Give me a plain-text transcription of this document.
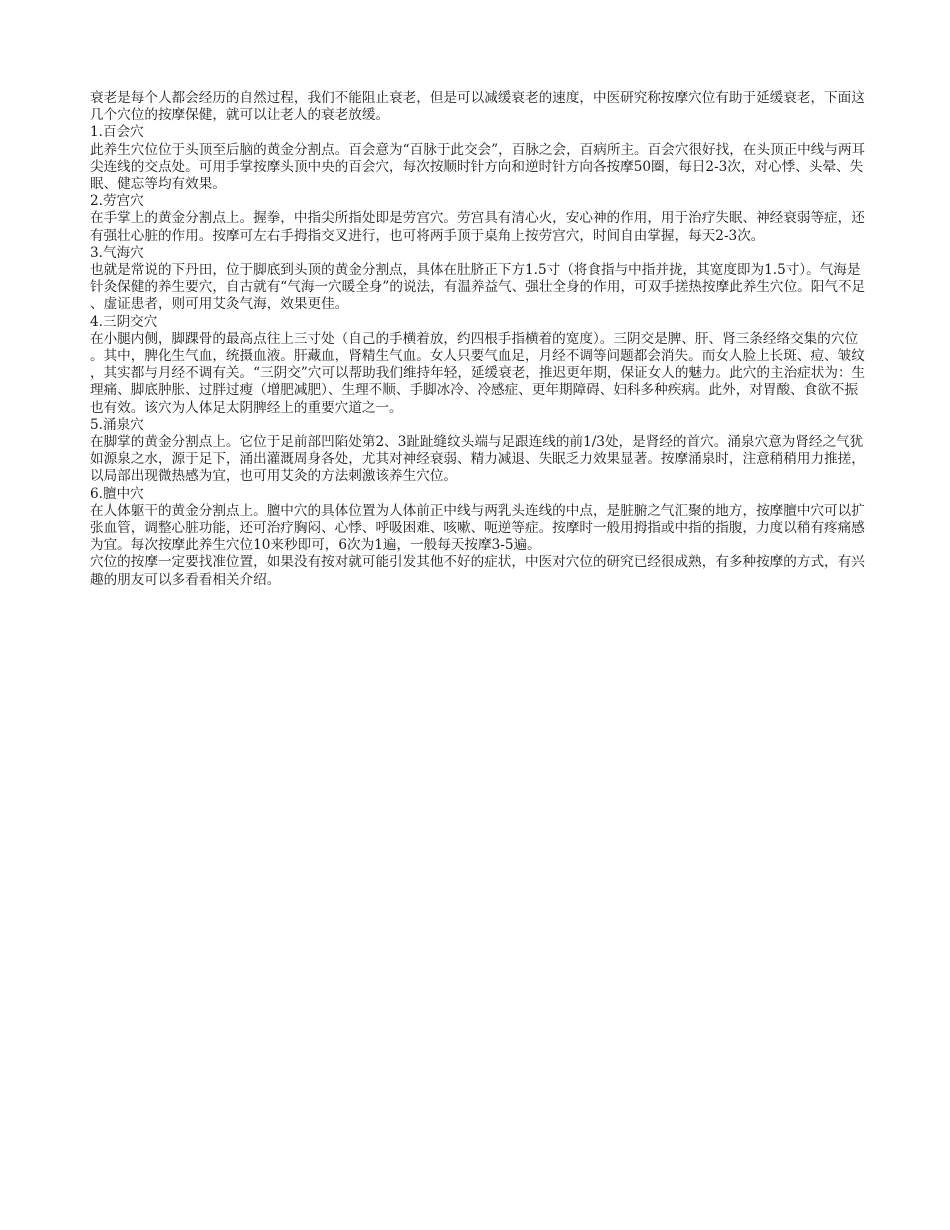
衰老是每个人都会经历的自然过程，我们不能阻止衰老，但是可以减缓衰老的速度，中医研究称按摩穴位有助于延缓衰老，下面这几个穴位的按摩保健，就可以让老人的衰老放缓。

1.百会穴

此养生穴位位于头顶至后脑的黄金分割点。百会意为“百脉于此交会”，百脉之会，百病所主。百会穴很好找，在头顶正中线与两耳尖连线的交点处。可用手掌按摩头顶中央的百会穴，每次按顺时针方向和逆时针方向各按摩50圈，每日2-3次，对心悸、头晕、失眠、健忘等均有效果。

2.劳宫穴

在手掌上的黄金分割点上。握拳，中指尖所指处即是劳宫穴。劳宫具有清心火，安心神的作用，用于治疗失眠、神经衰弱等症，还有强壮心脏的作用。按摩可左右手拇指交叉进行，也可将两手顶于桌角上按劳宫穴，时间自由掌握，每天2-3次。

3.气海穴

也就是常说的下丹田，位于脚底到头顶的黄金分割点，具体在肚脐正下方1.5寸（将食指与中指并拢，其宽度即为1.5寸）。气海是针灸保健的养生要穴，自古就有“气海一穴暖全身”的说法，有温养益气、强壮全身的作用，可双手搓热按摩此养生穴位。阳气不足、虚证患者，则可用艾灸气海，效果更佳。

4.三阴交穴

在小腿内侧，脚踝骨的最高点往上三寸处（自己的手横着放，约四根手指横着的宽度）。三阴交是脾、肝、肾三条经络交集的穴位。其中，脾化生气血，统摄血液。肝藏血，肾精生气血。女人只要气血足，月经不调等问题都会消失。而女人脸上长斑、痘、皱纹，其实都与月经不调有关。“三阴交”穴可以帮助我们维持年轻，延缓衰老，推迟更年期，保证女人的魅力。此穴的主治症状为：生理痛、脚底肿胀、过胖过瘦（增肥减肥）、生理不顺、手脚冰冷、冷感症、更年期障碍、妇科多种疾病。此外，对胃酸、食欲不振也有效。该穴为人体足太阴脾经上的重要穴道之一。

5.涌泉穴

在脚掌的黄金分割点上。它位于足前部凹陷处第2、3趾趾缝纹头端与足跟连线的前1/3处，是肾经的首穴。涌泉穴意为肾经之气犹如源泉之水，源于足下，涌出灌溉周身各处，尤其对神经衰弱、精力减退、失眠乏力效果显著。按摩涌泉时，注意稍稍用力推搓，以局部出现微热感为宜，也可用艾灸的方法刺激该养生穴位。

6.膻中穴

在人体躯干的黄金分割点上。膻中穴的具体位置为人体前正中线与两乳头连线的中点，是脏腑之气汇聚的地方，按摩膻中穴可以扩张血管，调整心脏功能，还可治疗胸闷、心悸、呼吸困难、咳嗽、呃逆等症。按摩时一般用拇指或中指的指腹，力度以稍有疼痛感为宜。每次按摩此养生穴位10来秒即可，6次为1遍，一般每天按摩3-5遍。

穴位的按摩一定要找准位置，如果没有按对就可能引发其他不好的症状，中医对穴位的研究已经很成熟，有多种按摩的方式，有兴趣的朋友可以多看看相关介绍。
